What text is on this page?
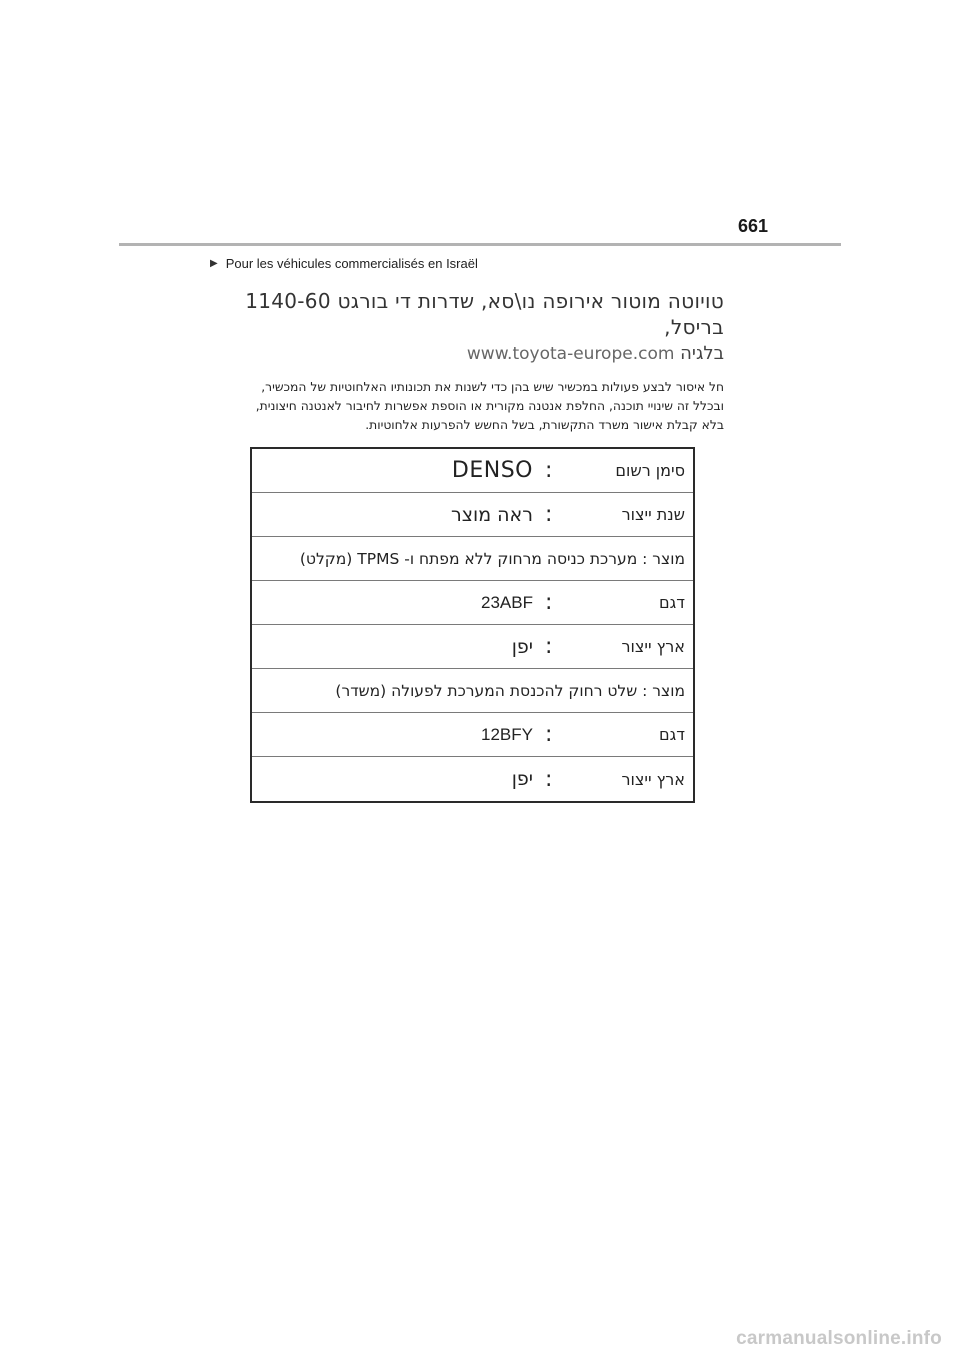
661
▶ Pour les véhicules commercialisés en Israël
טויוטה מוטור אירופה נו\סא, שדרות די בורגט 1140-60 בריסל,
בלגיה www.toyota-europe.com
חל איסור לבצע פעולות במכשיר שיש בהן כדי לשנות את תכונותיו האלחוטיות של המכשיר, ובכלל זה שינויי תוכנה, החלפת אנטנה מקורית או הוספת אפשרות לחיבור לאנטנה חיצונית, בלא קבלת אישור משרד התקשורת, בשל החשש להפרעות אלחוטיות.
סימן רשום
:
DENSO
שנת ייצור
:
ראה מוצר
מוצר : מערכת כניסה מרחוק ללא מפתח ו- TPMS (מקלט)
דגם
:
23ABF
ארץ ייצור
:
יפן
מוצר : שלט רחוק להכנסת המערכת לפעולה (משדר)
דגם
:
12BFY
ארץ ייצור
:
יפן
carmanualsonline.info
